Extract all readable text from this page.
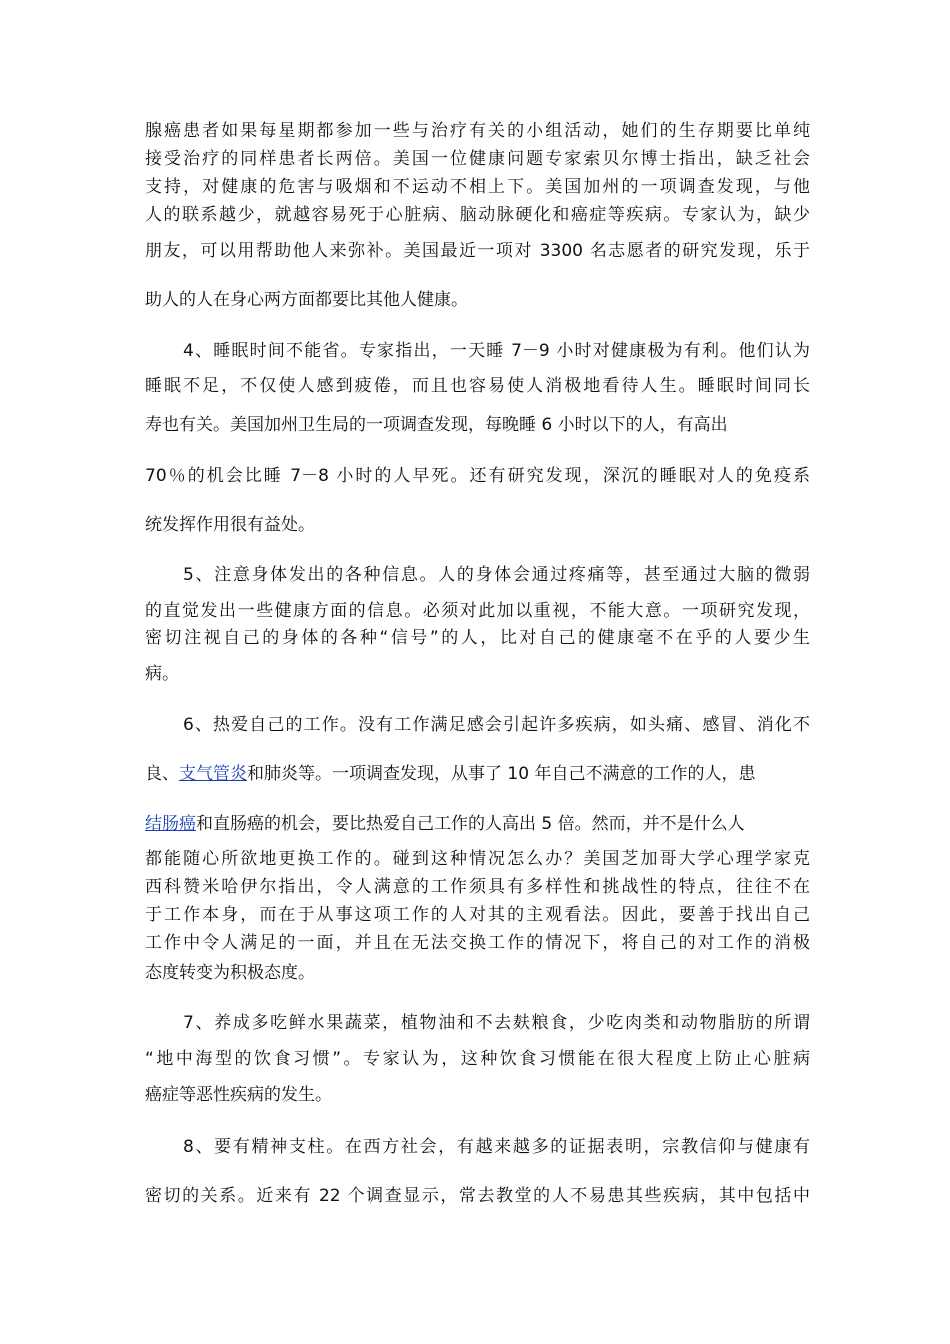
腺癌患者如果每星期都参加一些与治疗有关的小组活动，她们的生存期要比单纯
接受治疗的同样患者长两倍。美国一位健康问题专家索贝尔博士指出，缺乏社会
支持，对健康的危害与吸烟和不运动不相上下。美国加州的一项调查发现，与他
人的联系越少，就越容易死于心脏病、脑动脉硬化和癌症等疾病。专家认为，缺少
朋友，可以用帮助他人来弥补。美国最近一项对 3300 名志愿者的研究发现，乐于
助人的人在身心两方面都要比其他人健康。
4、睡眠时间不能省。专家指出，一天睡 7－9 小时对健康极为有利。他们认为
睡眠不足，不仅使人感到疲倦，而且也容易使人消极地看待人生。睡眠时间同长
寿也有关。美国加州卫生局的一项调查发现，每晚睡 6 小时以下的人，有高出
70％的机会比睡 7－8 小时的人早死。还有研究发现，深沉的睡眠对人的免疫系
统发挥作用很有益处。
5、注意身体发出的各种信息。人的身体会通过疼痛等，甚至通过大脑的微弱
的直觉发出一些健康方面的信息。必须对此加以重视，不能大意。一项研究发现，
密切注视自己的身体的各种“信号”的人，比对自己的健康毫不在乎的人要少生
病。
6、热爱自己的工作。没有工作满足感会引起许多疾病，如头痛、感冒、消化不
良、支气管炎和肺炎等。一项调查发现，从事了 10 年自己不满意的工作的人，患
结肠癌和直肠癌的机会，要比热爱自己工作的人高出 5 倍。然而，并不是什么人
都能随心所欲地更换工作的。碰到这种情况怎么办？美国芝加哥大学心理学家克
西科赞米哈伊尔指出，令人满意的工作须具有多样性和挑战性的特点，往往不在
于工作本身，而在于从事这项工作的人对其的主观看法。因此，要善于找出自己
工作中令人满足的一面，并且在无法交换工作的情况下，将自己的对工作的消极
态度转变为积极态度。
7、养成多吃鲜水果蔬菜，植物油和不去麸粮食，少吃肉类和动物脂肪的所谓
“地中海型的饮食习惯”。专家认为，这种饮食习惯能在很大程度上防止心脏病
癌症等恶性疾病的发生。
8、要有精神支柱。在西方社会，有越来越多的证据表明，宗教信仰与健康有
密切的关系。近来有 22 个调查显示，常去教堂的人不易患其些疾病，其中包括中
